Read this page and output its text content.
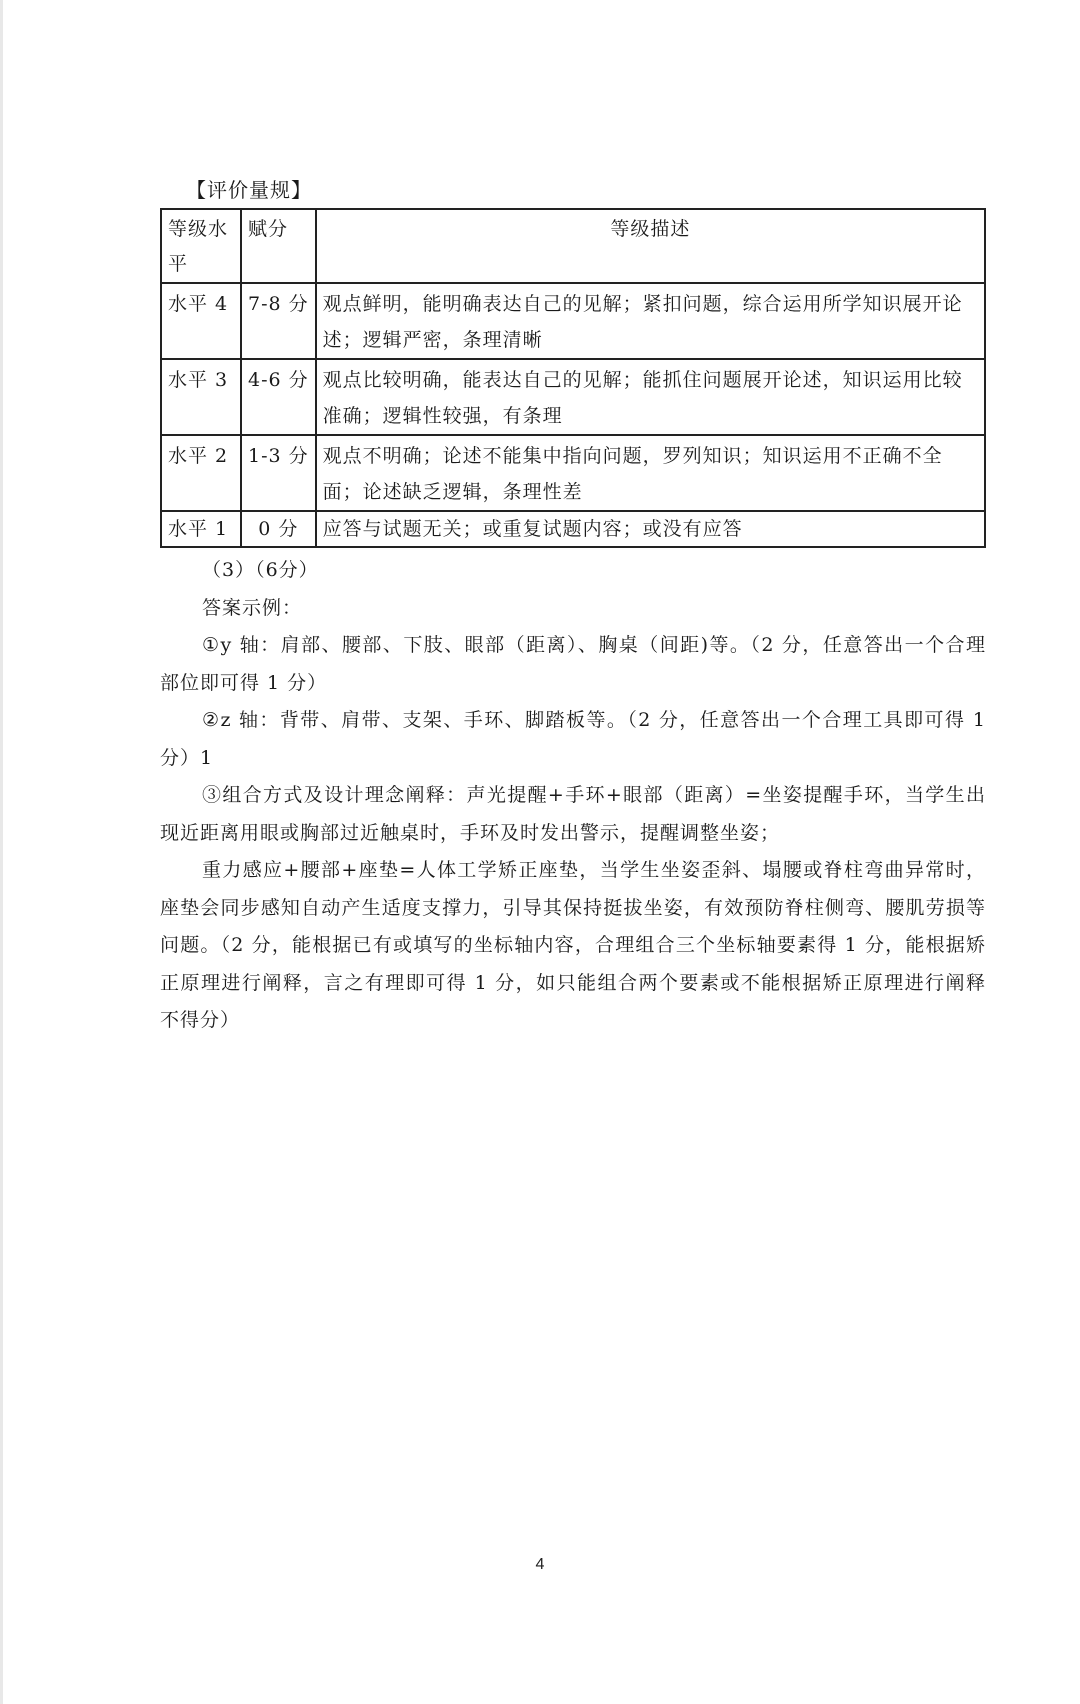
【评价量规】
等级水平	赋分	等级描述
水平 4	7-8 分	观点鲜明，能明确表达自己的见解；紧扣问题，综合运用所学知识展开论述；逻辑严密，条理清晰
水平 3	4-6 分	观点比较明确，能表达自己的见解；能抓住问题展开论述，知识运用比较准确；逻辑性较强，有条理
水平 2	1-3 分	观点不明确；论述不能集中指向问题，罗列知识；知识运用不正确不全面；论述缺乏逻辑，条理性差
水平 1	0 分	应答与试题无关；或重复试题内容；或没有应答

（3）（6分）

答案示例：

①y 轴：肩部、腰部、下肢、眼部（距离）、胸桌（间距)等。（2 分，任意答出一个合理部位即可得 1 分）

②z 轴：背带、肩带、支架、手环、脚踏板等。（2 分，任意答出一个合理工具即可得 1 分）1

③组合方式及设计理念阐释：声光提醒+手环+眼部（距离）=坐姿提醒手环，当学生出现近距离用眼或胸部过近触桌时，手环及时发出警示，提醒调整坐姿；

重力感应+腰部+座垫=人体工学矫正座垫，当学生坐姿歪斜、塌腰或脊柱弯曲异常时，座垫会同步感知自动产生适度支撑力，引导其保持挺拔坐姿，有效预防脊柱侧弯、腰肌劳损等问题。（2 分，能根据已有或填写的坐标轴内容，合理组合三个坐标轴要素得 1 分，能根据矫正原理进行阐释，言之有理即可得 1 分，如只能组合两个要素或不能根据矫正原理进行阐释不得分）

4
